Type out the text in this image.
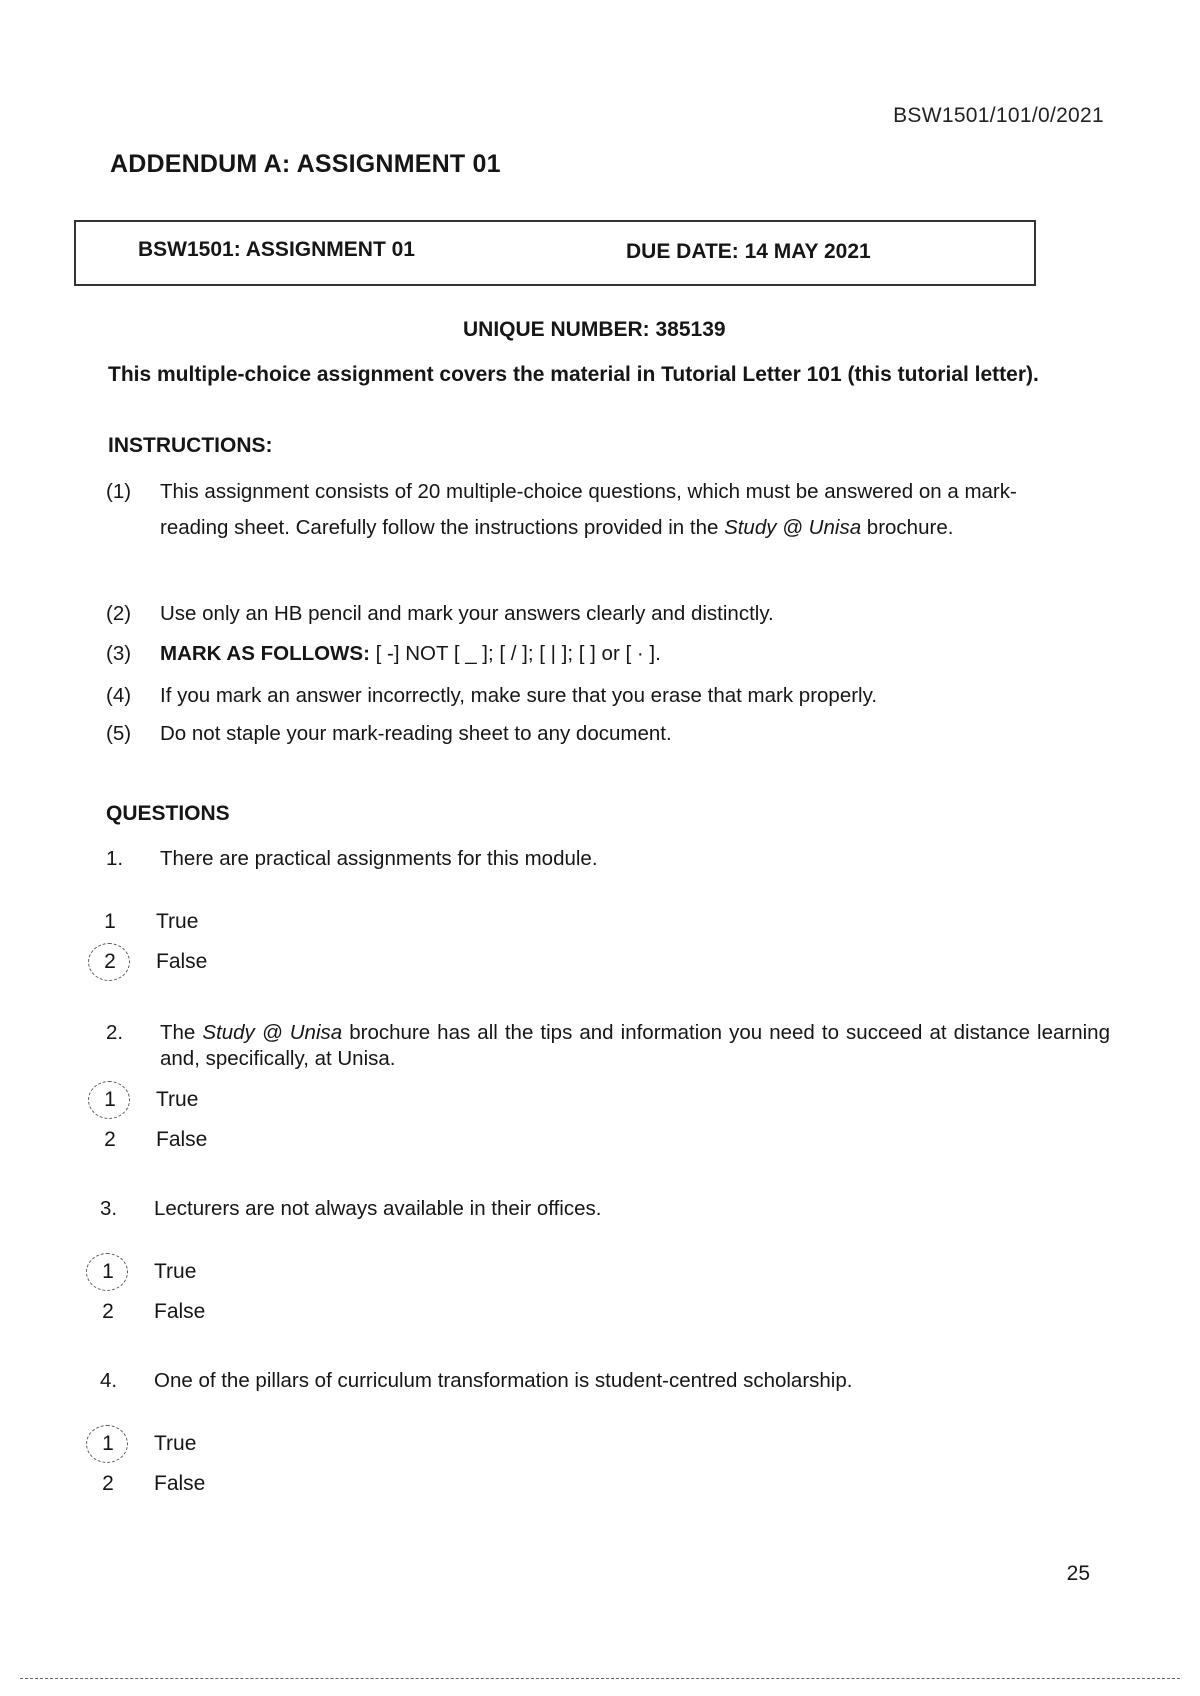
BSW1501/101/0/2021
ADDENDUM A: ASSIGNMENT 01
BSW1501: ASSIGNMENT 01	DUE DATE: 14 MAY 2021
UNIQUE NUMBER: 385139
This multiple-choice assignment covers the material in Tutorial Letter 101 (this tutorial letter).
INSTRUCTIONS:
(1)	This assignment consists of 20 multiple-choice questions, which must be answered on a mark-reading sheet. Carefully follow the instructions provided in the Study @ Unisa brochure.
(2)	Use only an HB pencil and mark your answers clearly and distinctly.
(3)	MARK AS FOLLOWS: [ -] NOT [ _ ]; [ / ]; [ | ]; [ ] or [ · ].
(4)	If you mark an answer incorrectly, make sure that you erase that mark properly.
(5)	Do not staple your mark-reading sheet to any document.
QUESTIONS
1. There are practical assignments for this module.
1	True
2	False
2. The Study @ Unisa brochure has all the tips and information you need to succeed at distance learning and, specifically, at Unisa.
1	True
2	False
3. Lecturers are not always available in their offices.
1	True
2	False
4. One of the pillars of curriculum transformation is student-centred scholarship.
1	True
2	False
25
